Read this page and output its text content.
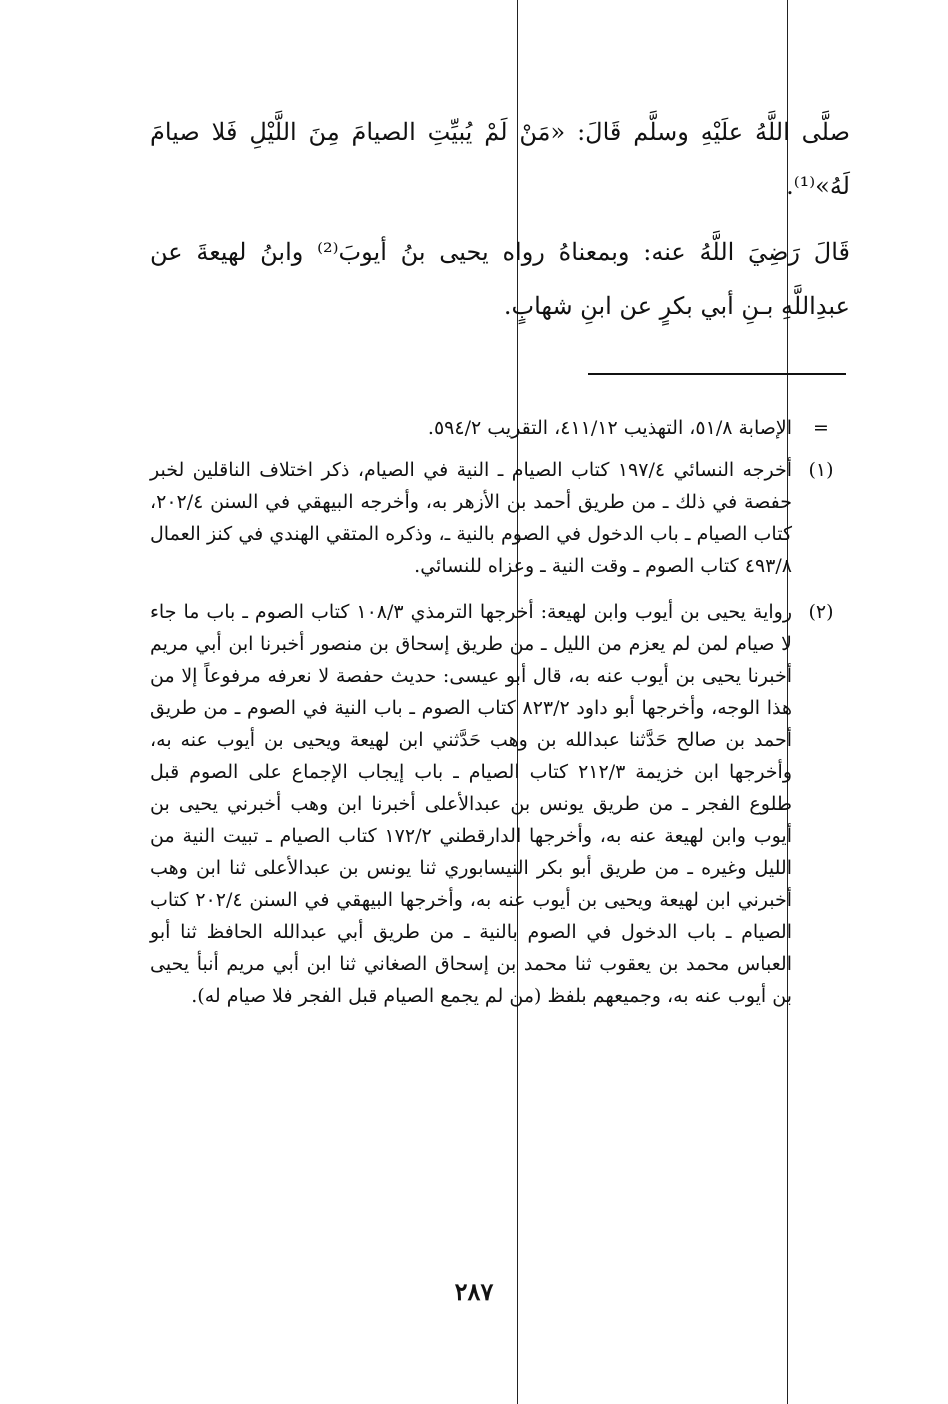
صلَّى اللَّهُ علَيْهِ وسلَّم قَالَ: «مَنْ لَمْ يُبيِّتِ الصيامَ مِنَ اللَّيْلِ فَلا صيامَ لَهُ»⁽¹⁾.

قَالَ رَضِيَ اللَّهُ عنه: وبمعناهُ رواه يحيى بنُ أيوبَ⁽²⁾ وابنُ لهيعةَ عن عبدِاللَّهِ بـنِ أبي بكرٍ عن ابنِ شهابٍ.

=
الإصابة ٥١/٨، التهذيب ٤١١/١٢، التقريب ٥٩٤/٢.
(١)
أخرجه النسائي ١٩٧/٤ كتاب الصيام ـ النية في الصيام، ذكر اختلاف الناقلين لخبر حفصة في ذلك ـ من طريق أحمد بن الأزهر به، وأخرجه البيهقي في السنن ٢٠٢/٤، كتاب الصيام ـ باب الدخول في الصوم بالنية ـ، وذكره المتقي الهندي في كنز العمال ٤٩٣/٨ كتاب الصوم ـ وقت النية ـ وعزاه للنسائي.
(٢)
رواية يحيى بن أيوب وابن لهيعة: أخرجها الترمذي ١٠٨/٣ كتاب الصوم ـ باب ما جاء لا صيام لمن لم يعزم من الليل ـ من طريق إسحاق بن منصور أخبرنا ابن أبي مريم أخبرنا يحيى بن أيوب عنه به، قال أبو عيسى: حديث حفصة لا نعرفه مرفوعاً إلا من هذا الوجه، وأخرجها أبو داود ٨٢٣/٢ كتاب الصوم ـ باب النية في الصوم ـ من طريق أحمد بن صالح حَدَّثنا عبدالله بن وهب حَدَّثني ابن لهيعة ويحيى بن أيوب عنه به، وأخرجها ابن خزيمة ٢١٢/٣ كتاب الصيام ـ باب إيجاب الإجماع على الصوم قبل طلوع الفجر ـ من طريق يونس بن عبدالأعلى أخبرنا ابن وهب أخبرني يحيى بن أيوب وابن لهيعة عنه به، وأخرجها الدارقطني ١٧٢/٢ كتاب الصيام ـ تبيت النية من الليل وغيره ـ من طريق أبو بكر النيسابوري ثنا يونس بن عبدالأعلى ثنا ابن وهب أخبرني ابن لهيعة ويحيى بن أيوب عنه به، وأخرجها البيهقي في السنن ٢٠٢/٤ كتاب الصيام ـ باب الدخول في الصوم بالنية ـ من طريق أبي عبدالله الحافظ ثنا أبو العباس محمد بن يعقوب ثنا محمد بن إسحاق الصغاني ثنا ابن أبي مريم أنبأ يحيى بن أيوب عنه به، وجميعهم بلفظ (من لم يجمع الصيام قبل الفجر فلا صيام له).
٢٨٧
